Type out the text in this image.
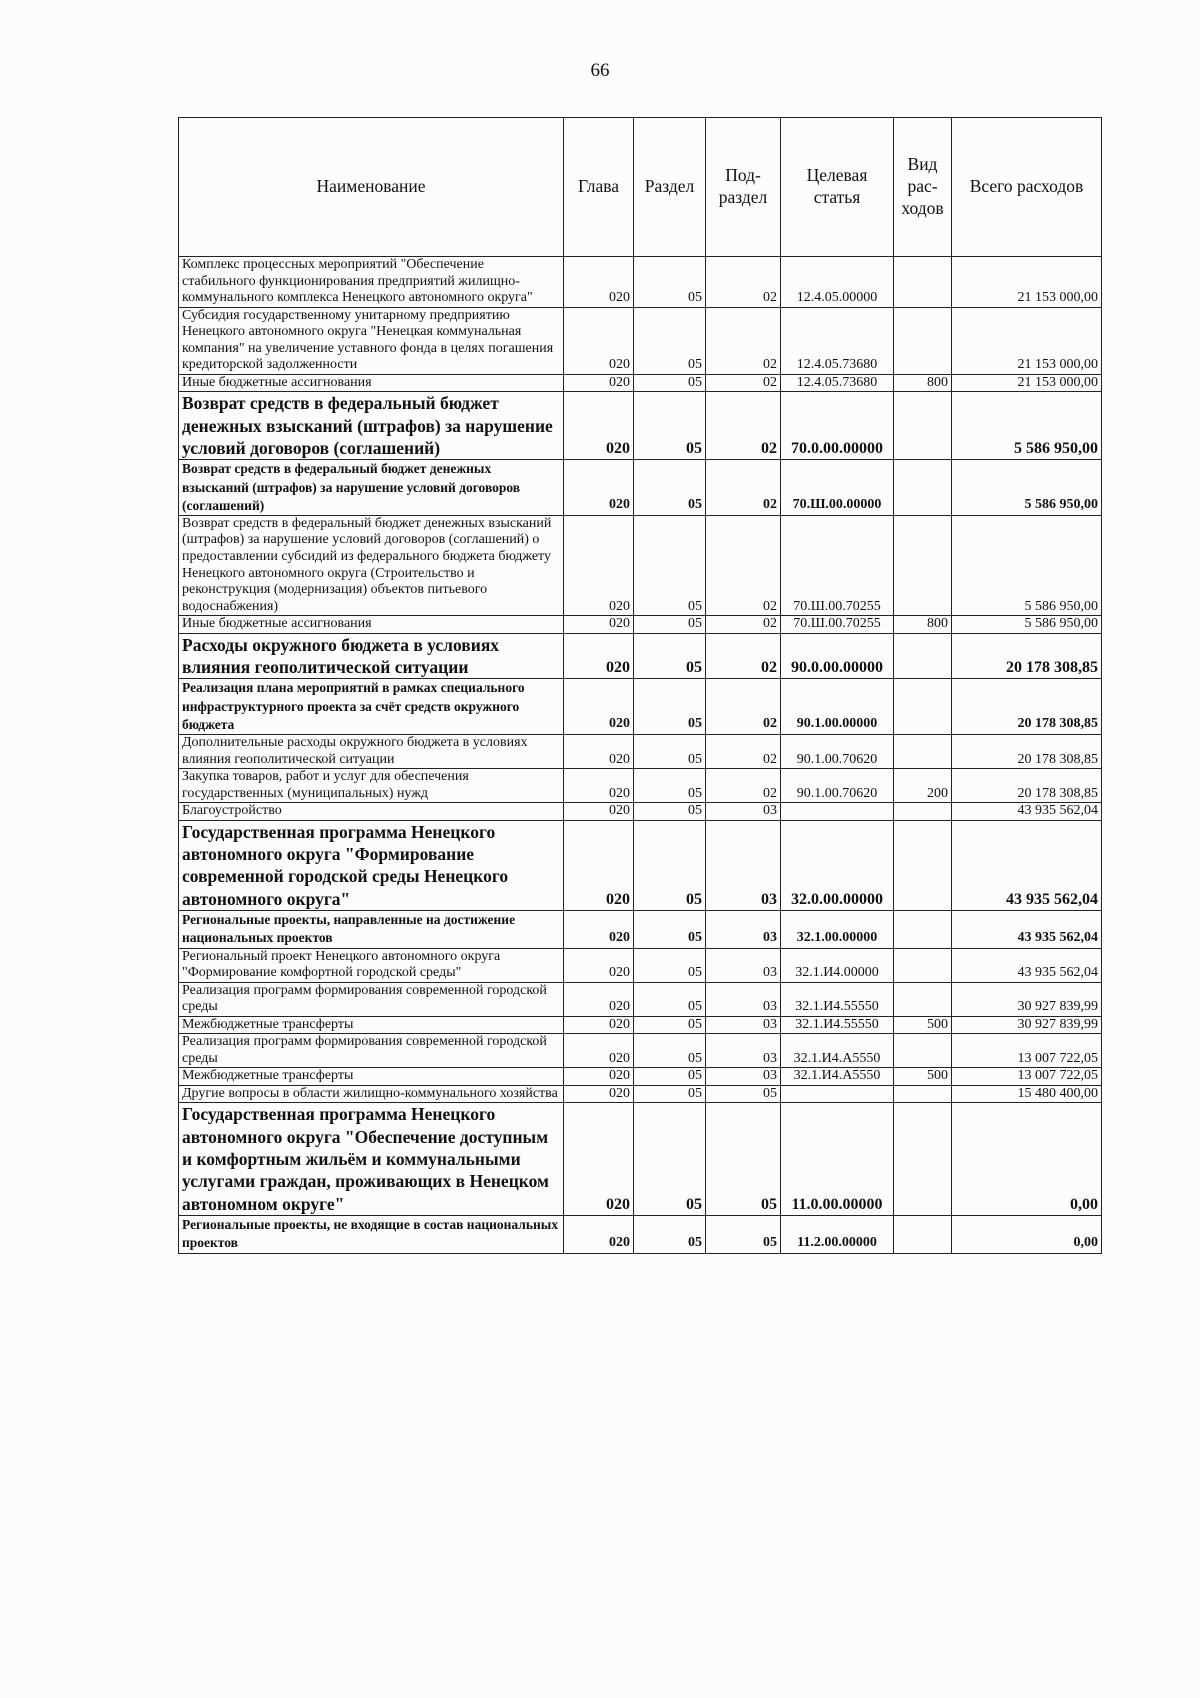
66
Наименование	Глава	Раздел	Под-раздел	Целевая статья	Вид рас-ходов	Всего расходов
Комплекс процессных мероприятий "Обеспечение стабильного функционирования предприятий жилищно-коммунального комплекса Ненецкого автономного округа"	020	05	02	12.4.05.00000		21 153 000,00
Субсидия государственному унитарному предприятию Ненецкого автономного округа "Ненецкая коммунальная компания" на увеличение уставного фонда в целях погашения кредиторской задолженности	020	05	02	12.4.05.73680		21 153 000,00
Иные бюджетные ассигнования	020	05	02	12.4.05.73680	800	21 153 000,00
Возврат средств в федеральный бюджет денежных взысканий (штрафов) за нарушение условий договоров (соглашений)	020	05	02	70.0.00.00000		5 586 950,00
Возврат средств в федеральный бюджет денежных взысканий (штрафов) за нарушение условий договоров (соглашений)	020	05	02	70.Ш.00.00000		5 586 950,00
Возврат средств в федеральный бюджет денежных взысканий (штрафов) за нарушение условий договоров (соглашений) о предоставлении субсидий из федерального бюджета бюджету Ненецкого автономного округа (Строительство и реконструкция (модернизация) объектов питьевого водоснабжения)	020	05	02	70.Ш.00.70255		5 586 950,00
Иные бюджетные ассигнования	020	05	02	70.Ш.00.70255	800	5 586 950,00
Расходы окружного бюджета в условиях влияния геополитической ситуации	020	05	02	90.0.00.00000		20 178 308,85
Реализация плана мероприятий в рамках специального инфраструктурного проекта за счёт средств окружного бюджета	020	05	02	90.1.00.00000		20 178 308,85
Дополнительные расходы окружного бюджета в условиях влияния геополитической ситуации	020	05	02	90.1.00.70620		20 178 308,85
Закупка товаров, работ и услуг для обеспечения государственных (муниципальных) нужд	020	05	02	90.1.00.70620	200	20 178 308,85
Благоустройство	020	05	03			43 935 562,04
Государственная программа Ненецкого автономного округа "Формирование современной городской среды Ненецкого автономного округа"	020	05	03	32.0.00.00000		43 935 562,04
Региональные проекты, направленные на достижение национальных проектов	020	05	03	32.1.00.00000		43 935 562,04
Региональный проект Ненецкого автономного округа "Формирование комфортной городской среды"	020	05	03	32.1.И4.00000		43 935 562,04
Реализация программ формирования современной городской среды	020	05	03	32.1.И4.55550		30 927 839,99
Межбюджетные трансферты	020	05	03	32.1.И4.55550	500	30 927 839,99
Реализация программ формирования современной городской среды	020	05	03	32.1.И4.А5550		13 007 722,05
Межбюджетные трансферты	020	05	03	32.1.И4.А5550	500	13 007 722,05
Другие вопросы в области жилищно-коммунального хозяйства	020	05	05			15 480 400,00
Государственная программа Ненецкого автономного округа "Обеспечение доступным и комфортным жильём и коммунальными услугами граждан, проживающих в Ненецком автономном округе"	020	05	05	11.0.00.00000		0,00
Региональные проекты, не входящие в состав национальных проектов	020	05	05	11.2.00.00000		0,00
